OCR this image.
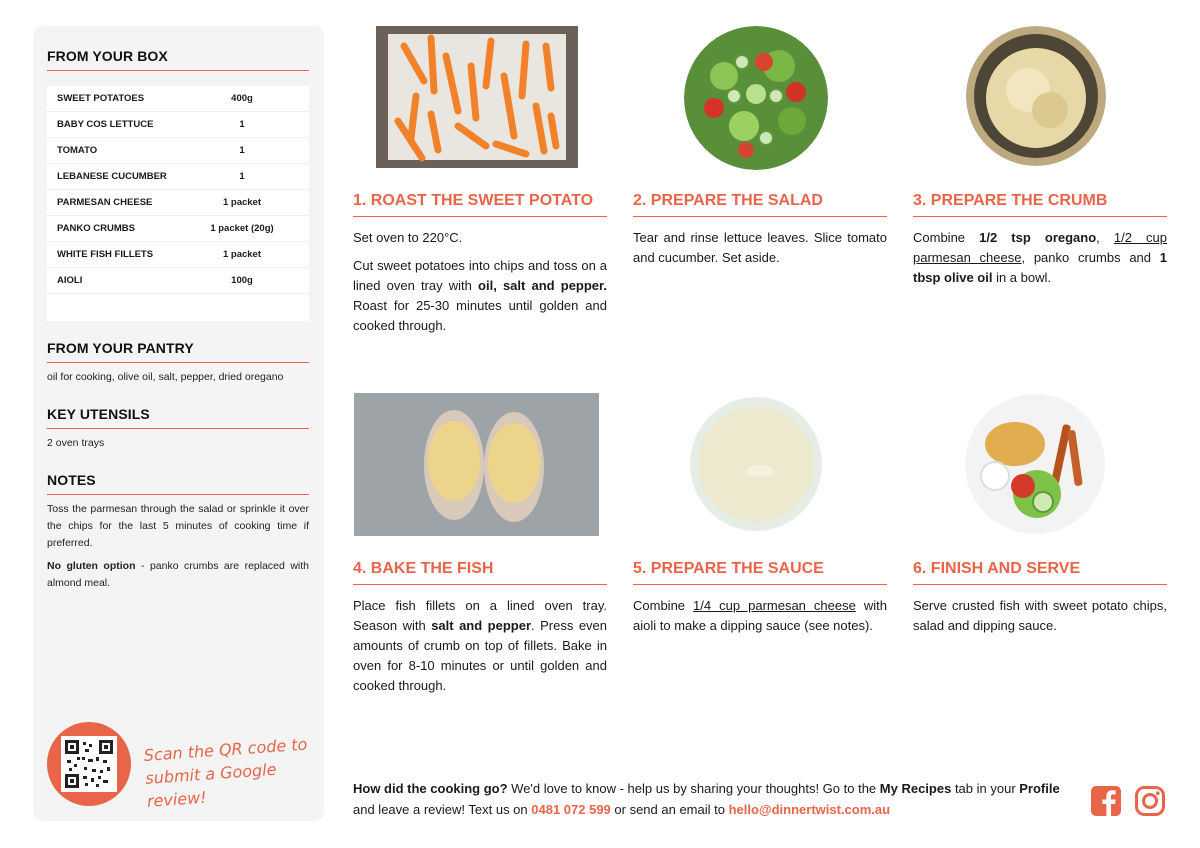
FROM YOUR BOX
SWEET POTATOES	400g
BABY COS LETTUCE	1
TOMATO	1
LEBANESE CUCUMBER	1
PARMESAN CHEESE	1 packet
PANKO CRUMBS	1 packet (20g)
WHITE FISH FILLETS	1 packet
AIOLI	100g
FROM YOUR PANTRY
oil for cooking, olive oil, salt, pepper, dried oregano
KEY UTENSILS
2 oven trays
NOTES

Toss the parmesan through the salad or sprinkle it over the chips for the last 5 minutes of cooking time if preferred.

No gluten option - panko crumbs are replaced with almond meal.

Scan the QR code to
submit a Google review!
1. ROAST THE SWEET POTATO

Set oven to 220°C.

Cut sweet potatoes into chips and toss on a lined oven tray with oil, salt and pepper. Roast for 25-30 minutes until golden and cooked through.

2. PREPARE THE SALAD

Tear and rinse lettuce leaves. Slice tomato and cucumber. Set aside.

3. PREPARE THE CRUMB

Combine 1/2 tsp oregano, 1/2 cup parmesan cheese, panko crumbs and 1 tbsp olive oil in a bowl.

4. BAKE THE FISH

Place fish fillets on a lined oven tray. Season with salt and pepper. Press even amounts of crumb on top of fillets. Bake in oven for 8-10 minutes or until golden and cooked through.

5. PREPARE THE SAUCE

Combine 1/4 cup parmesan cheese with aioli to make a dipping sauce (see notes).

6. FINISH AND SERVE

Serve crusted fish with sweet potato chips, salad and dipping sauce.

How did the cooking go? We'd love to know - help us by sharing your thoughts! Go to the My Recipes tab in your Profile and leave a review! Text us on 0481 072 599 or send an email to hello@dinnertwist.com.au
